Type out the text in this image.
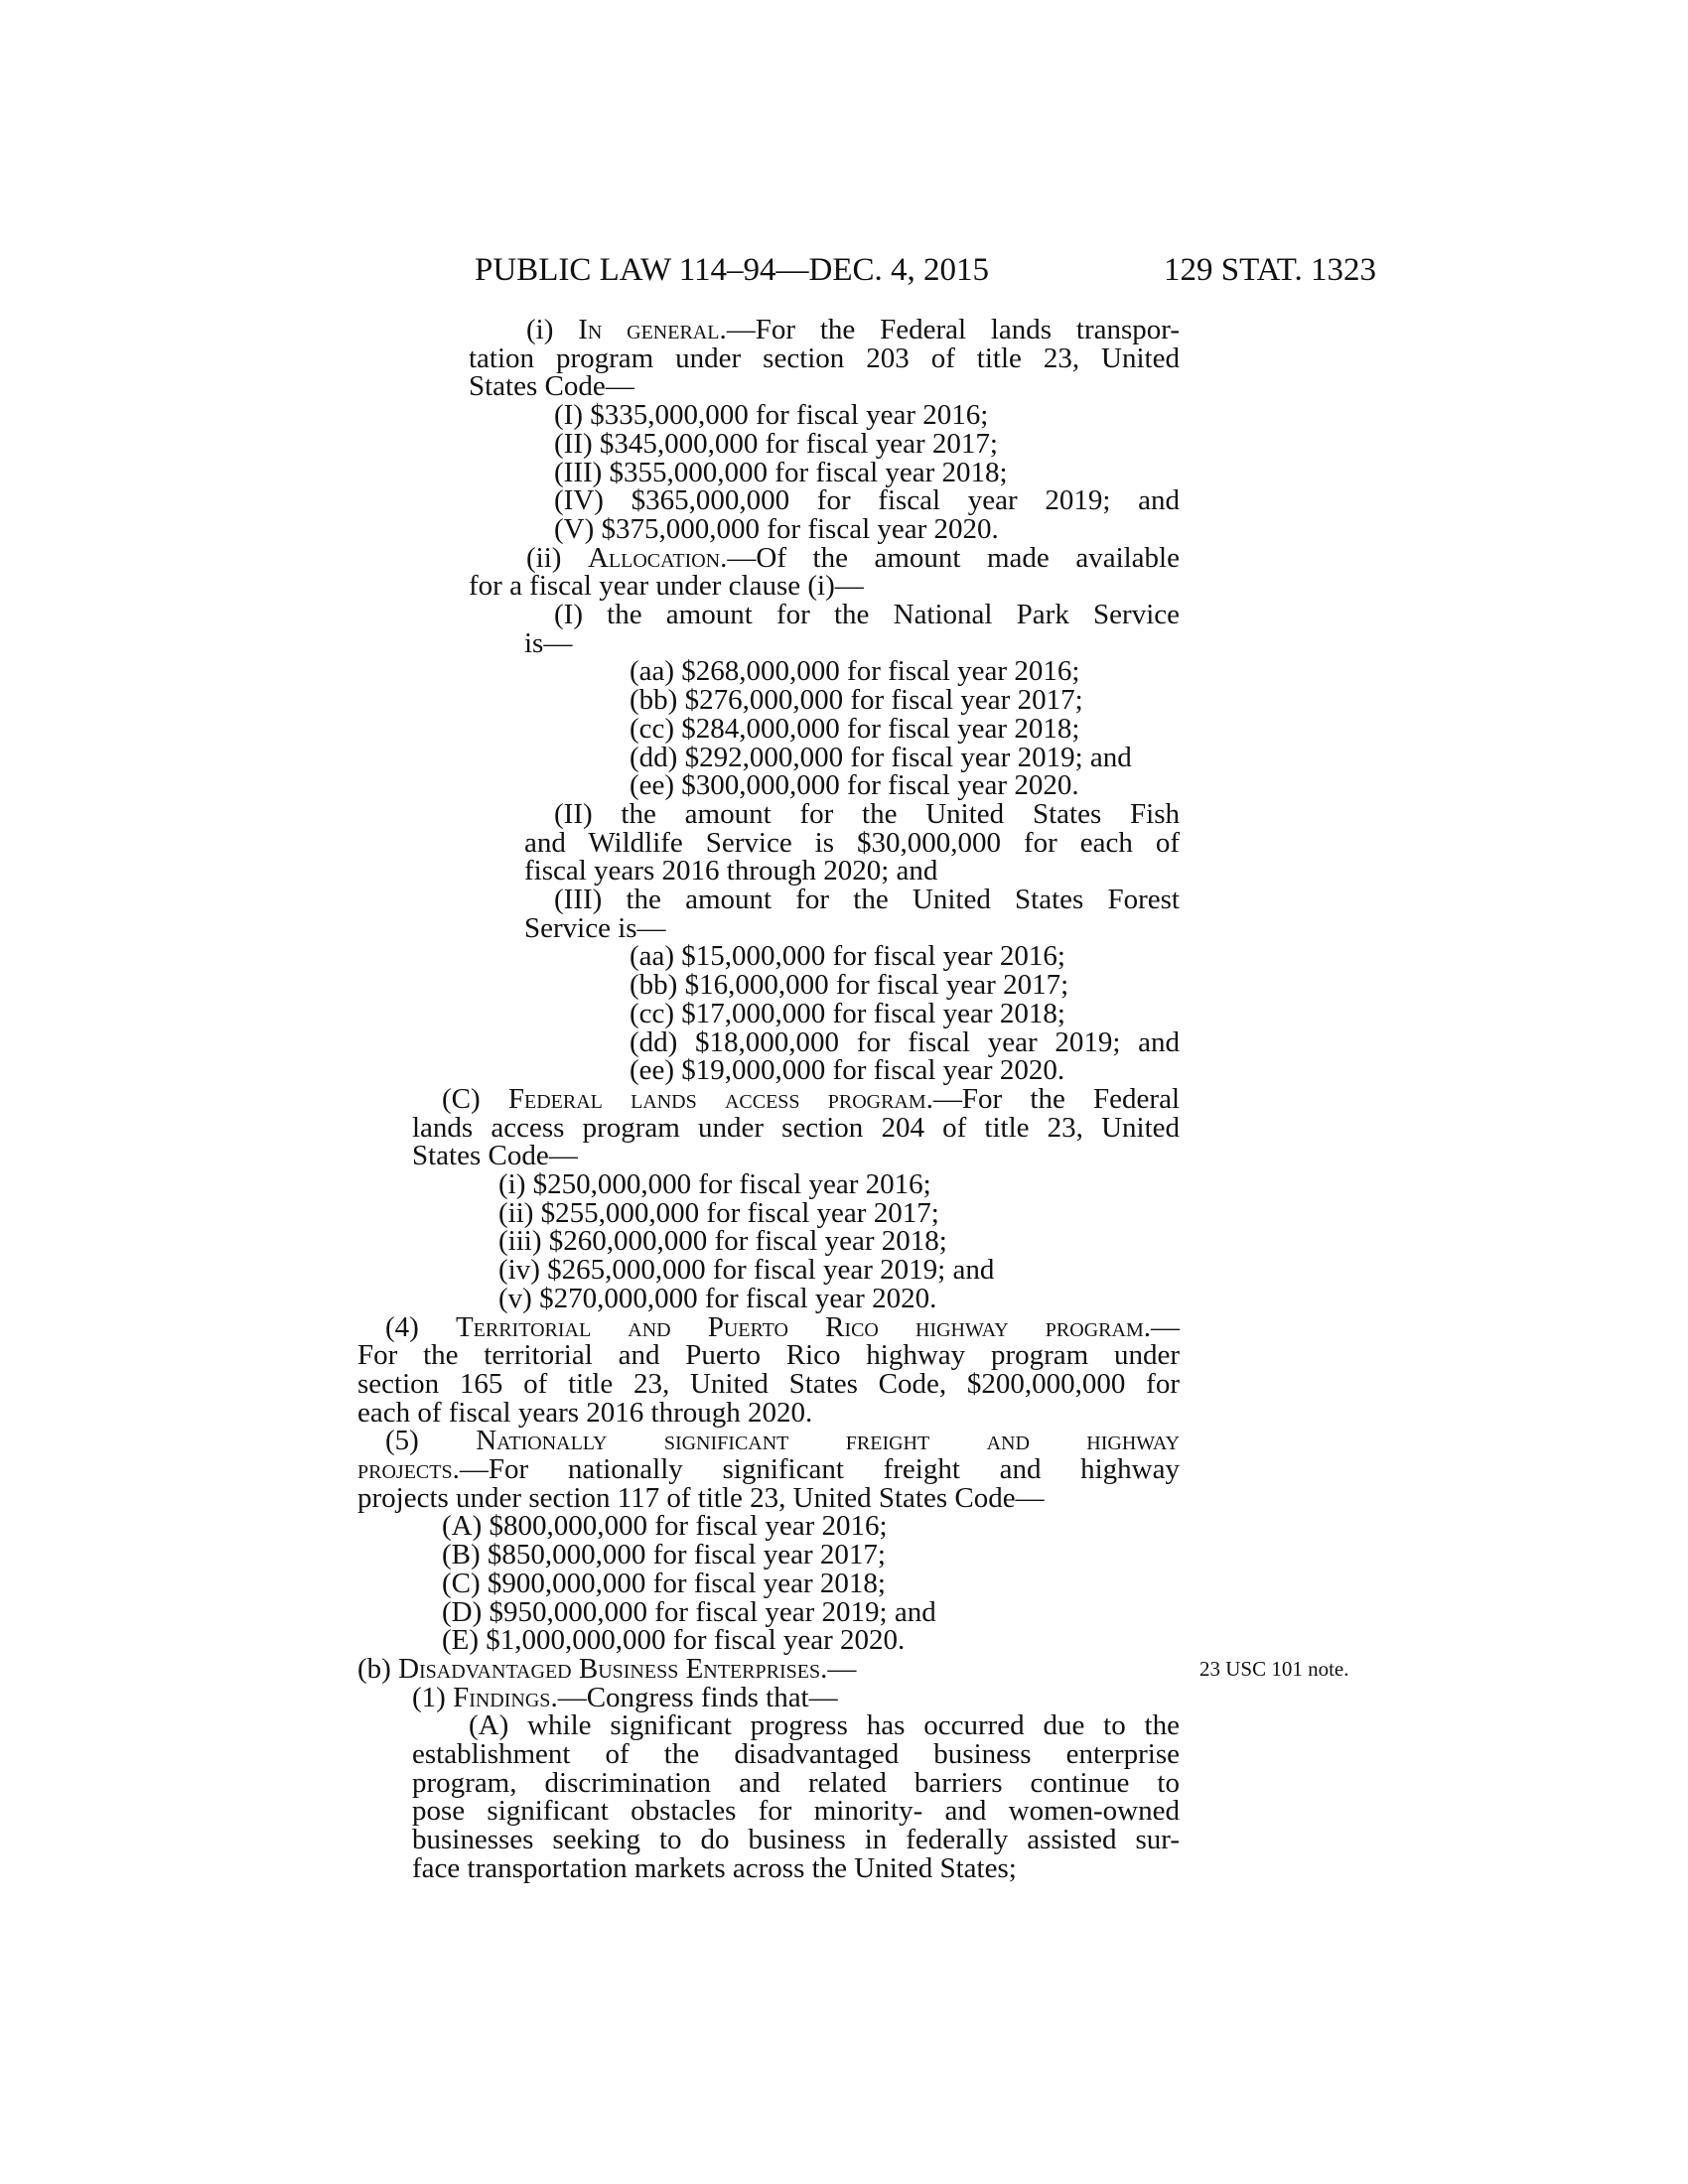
PUBLIC LAW 114–94—DEC. 4, 2015	129 STAT. 1323
(i) In general.—For the Federal lands transpor-
tation program under section 203 of title 23, United
States Code—
(I) $335,000,000 for fiscal year 2016;
(II) $345,000,000 for fiscal year 2017;
(III) $355,000,000 for fiscal year 2018;
(IV) $365,000,000 for fiscal year 2019; and
(V) $375,000,000 for fiscal year 2020.
(ii) Allocation.—Of the amount made available
for a fiscal year under clause (i)—
(I) the amount for the National Park Service
is—
(aa) $268,000,000 for fiscal year 2016;
(bb) $276,000,000 for fiscal year 2017;
(cc) $284,000,000 for fiscal year 2018;
(dd) $292,000,000 for fiscal year 2019; and
(ee) $300,000,000 for fiscal year 2020.
(II) the amount for the United States Fish
and Wildlife Service is $30,000,000 for each of
fiscal years 2016 through 2020; and
(III) the amount for the United States Forest
Service is—
(aa) $15,000,000 for fiscal year 2016;
(bb) $16,000,000 for fiscal year 2017;
(cc) $17,000,000 for fiscal year 2018;
(dd) $18,000,000 for fiscal year 2019; and
(ee) $19,000,000 for fiscal year 2020.
(C) Federal lands access program.—For the Federal
lands access program under section 204 of title 23, United
States Code—
(i) $250,000,000 for fiscal year 2016;
(ii) $255,000,000 for fiscal year 2017;
(iii) $260,000,000 for fiscal year 2018;
(iv) $265,000,000 for fiscal year 2019; and
(v) $270,000,000 for fiscal year 2020.
(4) Territorial and Puerto Rico highway program.—
For the territorial and Puerto Rico highway program under
section 165 of title 23, United States Code, $200,000,000 for
each of fiscal years 2016 through 2020.
(5) Nationally significant freight and highway
projects.—For nationally significant freight and highway
projects under section 117 of title 23, United States Code—
(A) $800,000,000 for fiscal year 2016;
(B) $850,000,000 for fiscal year 2017;
(C) $900,000,000 for fiscal year 2018;
(D) $950,000,000 for fiscal year 2019; and
(E) $1,000,000,000 for fiscal year 2020.
(b) Disadvantaged Business Enterprises.—
(1) Findings.—Congress finds that—
(A) while significant progress has occurred due to the
establishment of the disadvantaged business enterprise
program, discrimination and related barriers continue to
pose significant obstacles for minority- and women-owned
businesses seeking to do business in federally assisted sur-
face transportation markets across the United States;
23 USC 101 note.
